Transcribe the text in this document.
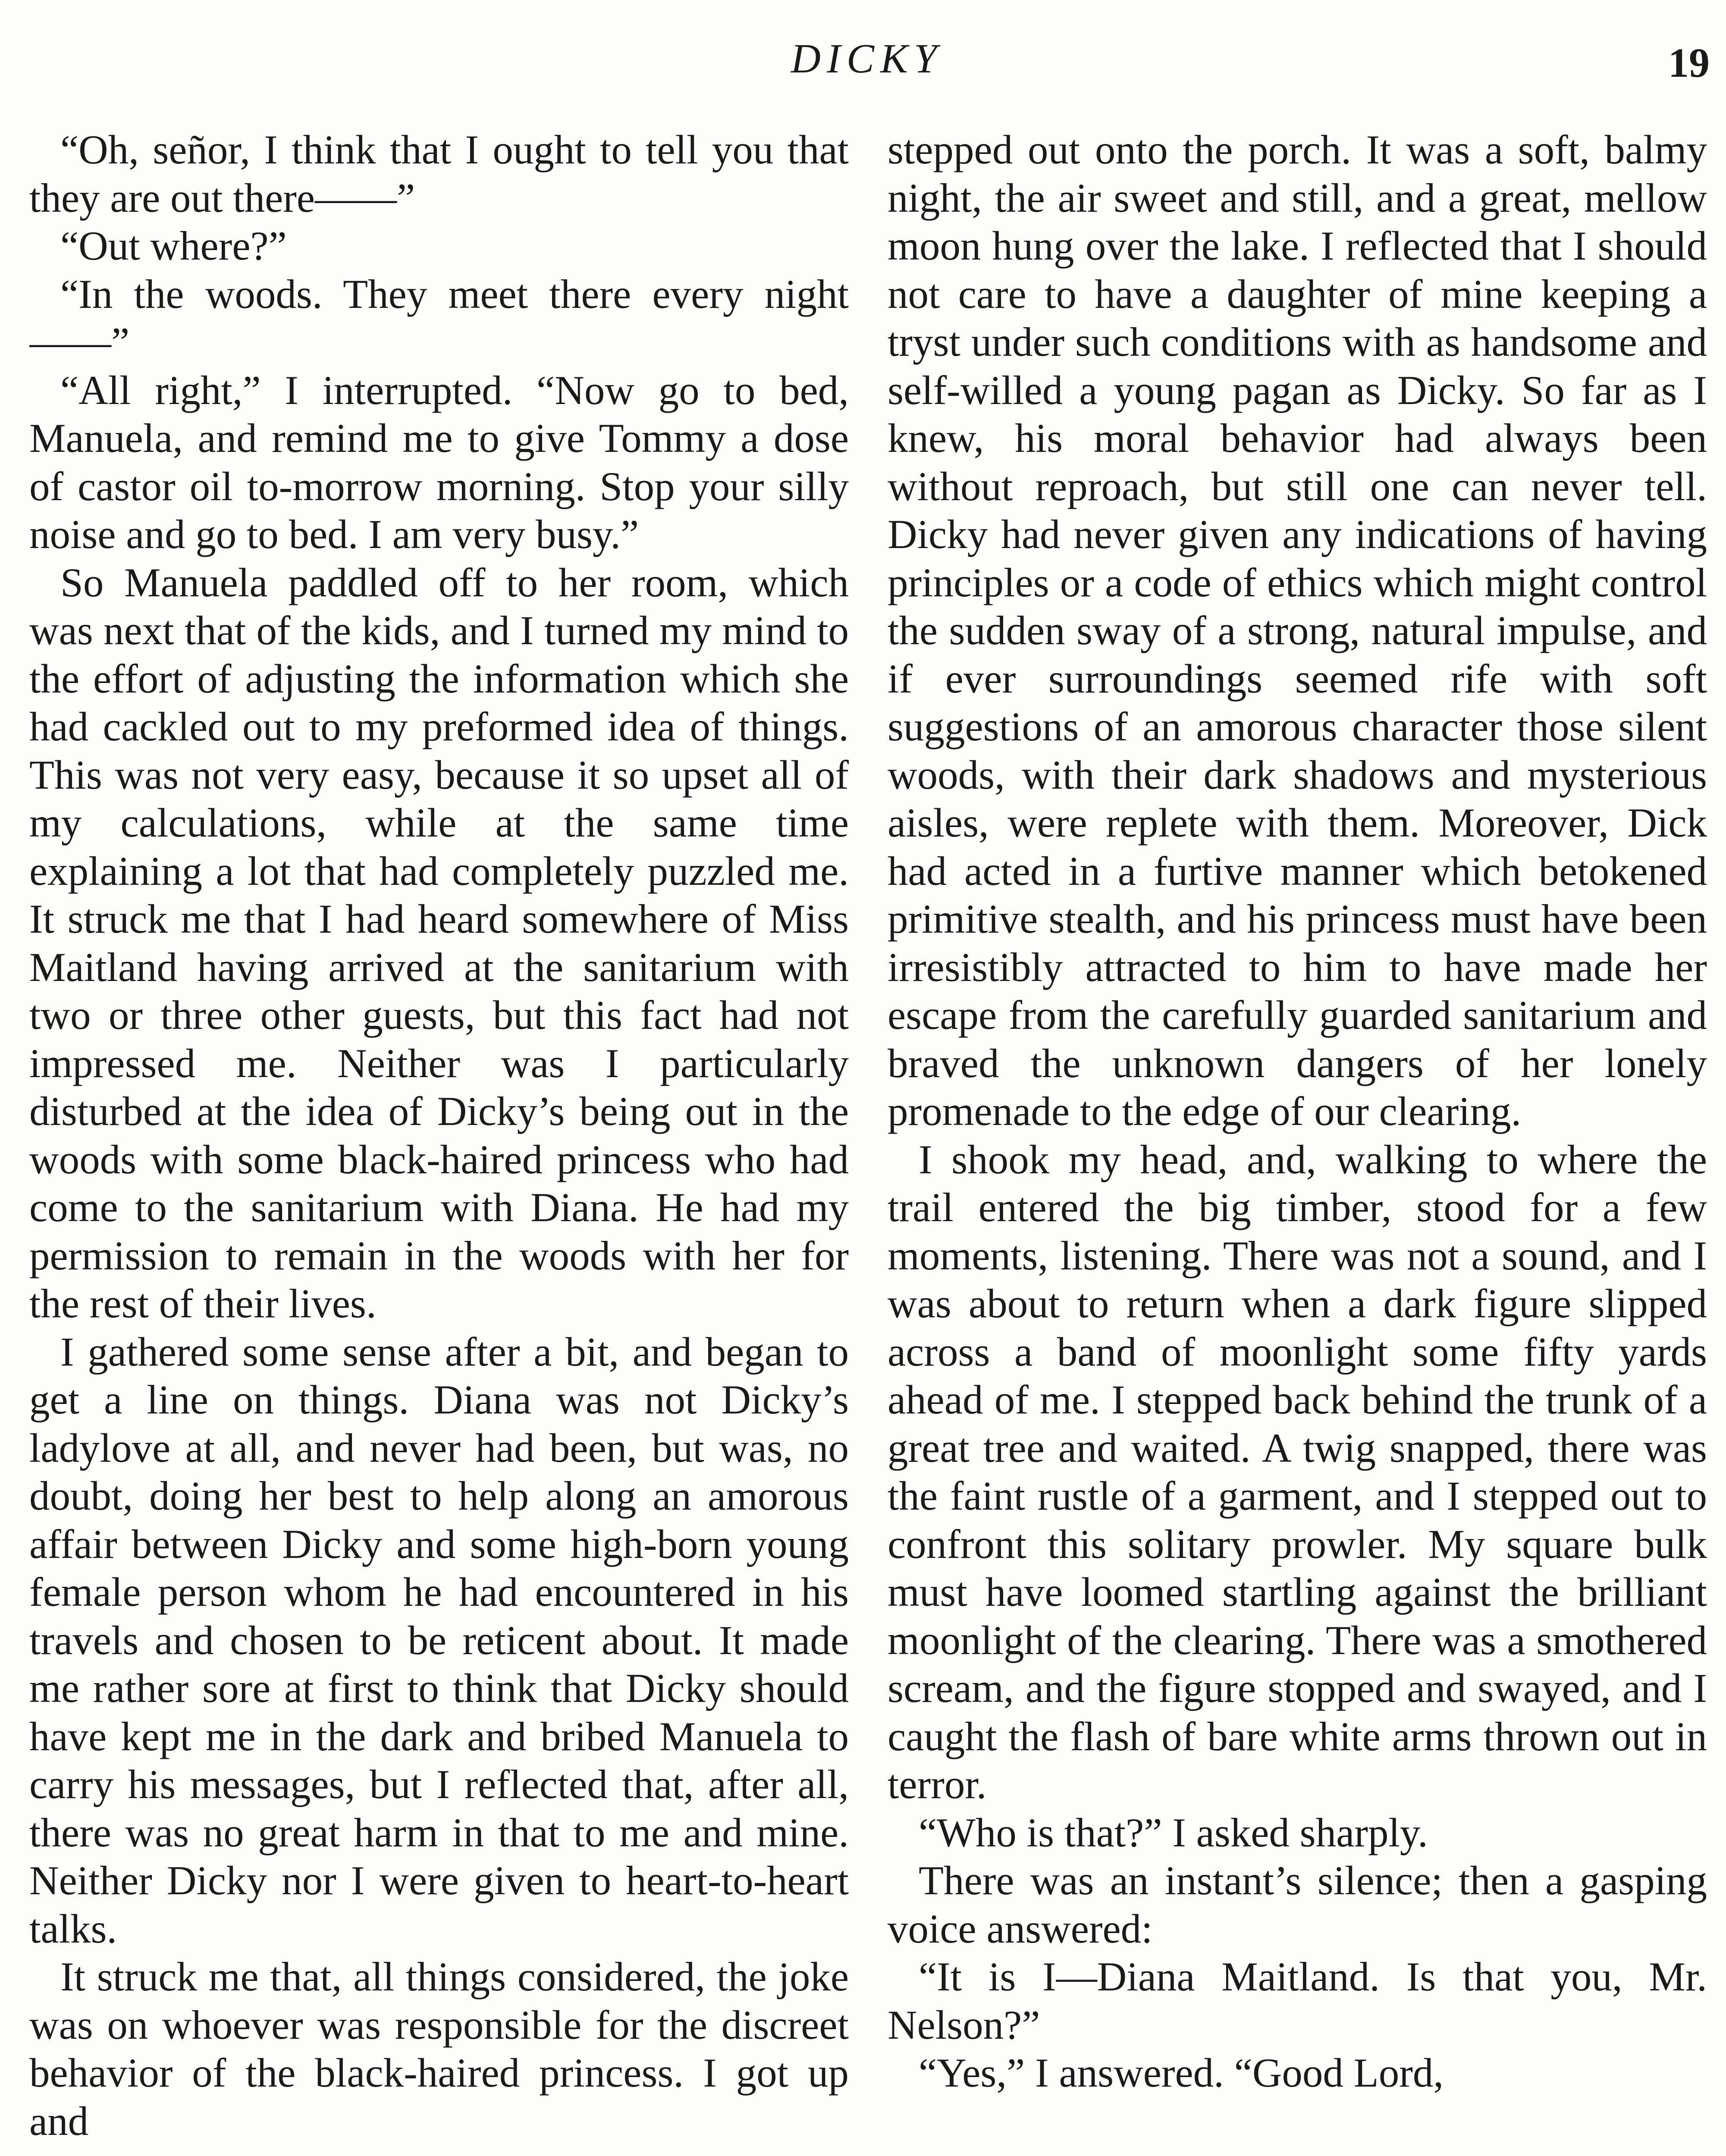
DICKY	19

“Oh, señor, I think that I ought to tell you that they are out there——”

“Out where?”

“In the woods. They meet there every night——”

“All right,” I interrupted. “Now go to bed, Manuela, and remind me to give Tommy a dose of castor oil to-morrow morning. Stop your silly noise and go to bed. I am very busy.”

So Manuela paddled off to her room, which was next that of the kids, and I turned my mind to the effort of adjusting the information which she had cackled out to my preformed idea of things. This was not very easy, because it so upset all of my calculations, while at the same time explaining a lot that had completely puzzled me. It struck me that I had heard somewhere of Miss Maitland having arrived at the sanitarium with two or three other guests, but this fact had not impressed me. Neither was I particularly disturbed at the idea of Dicky’s being out in the woods with some black-haired princess who had come to the sanitarium with Diana. He had my permission to remain in the woods with her for the rest of their lives.

I gathered some sense after a bit, and began to get a line on things. Diana was not Dicky’s ladylove at all, and never had been, but was, no doubt, doing her best to help along an amorous affair between Dicky and some high-born young female person whom he had encountered in his travels and chosen to be reticent about. It made me rather sore at first to think that Dicky should have kept me in the dark and bribed Manuela to carry his messages, but I reflected that, after all, there was no great harm in that to me and mine. Neither Dicky nor I were given to heart-to-heart talks.

It struck me that, all things considered, the joke was on whoever was responsible for the discreet behavior of the black-haired princess. I got up and

stepped out onto the porch. It was a soft, balmy night, the air sweet and still, and a great, mellow moon hung over the lake. I reflected that I should not care to have a daughter of mine keeping a tryst under such conditions with as handsome and self-willed a young pagan as Dicky. So far as I knew, his moral behavior had always been without reproach, but still one can never tell. Dicky had never given any indications of having principles or a code of ethics which might control the sudden sway of a strong, natural impulse, and if ever surroundings seemed rife with soft suggestions of an amorous character those silent woods, with their dark shadows and mysterious aisles, were replete with them. Moreover, Dick had acted in a furtive manner which betokened primitive stealth, and his princess must have been irresistibly attracted to him to have made her escape from the carefully guarded sanitarium and braved the unknown dangers of her lonely promenade to the edge of our clearing.

I shook my head, and, walking to where the trail entered the big timber, stood for a few moments, listening. There was not a sound, and I was about to return when a dark figure slipped across a band of moonlight some fifty yards ahead of me. I stepped back behind the trunk of a great tree and waited. A twig snapped, there was the faint rustle of a garment, and I stepped out to confront this solitary prowler. My square bulk must have loomed startling against the brilliant moonlight of the clearing. There was a smothered scream, and the figure stopped and swayed, and I caught the flash of bare white arms thrown out in terror.

“Who is that?” I asked sharply.

There was an instant’s silence; then a gasping voice answered:

“It is I—Diana Maitland. Is that you, Mr. Nelson?”

“Yes,” I answered. “Good Lord,
